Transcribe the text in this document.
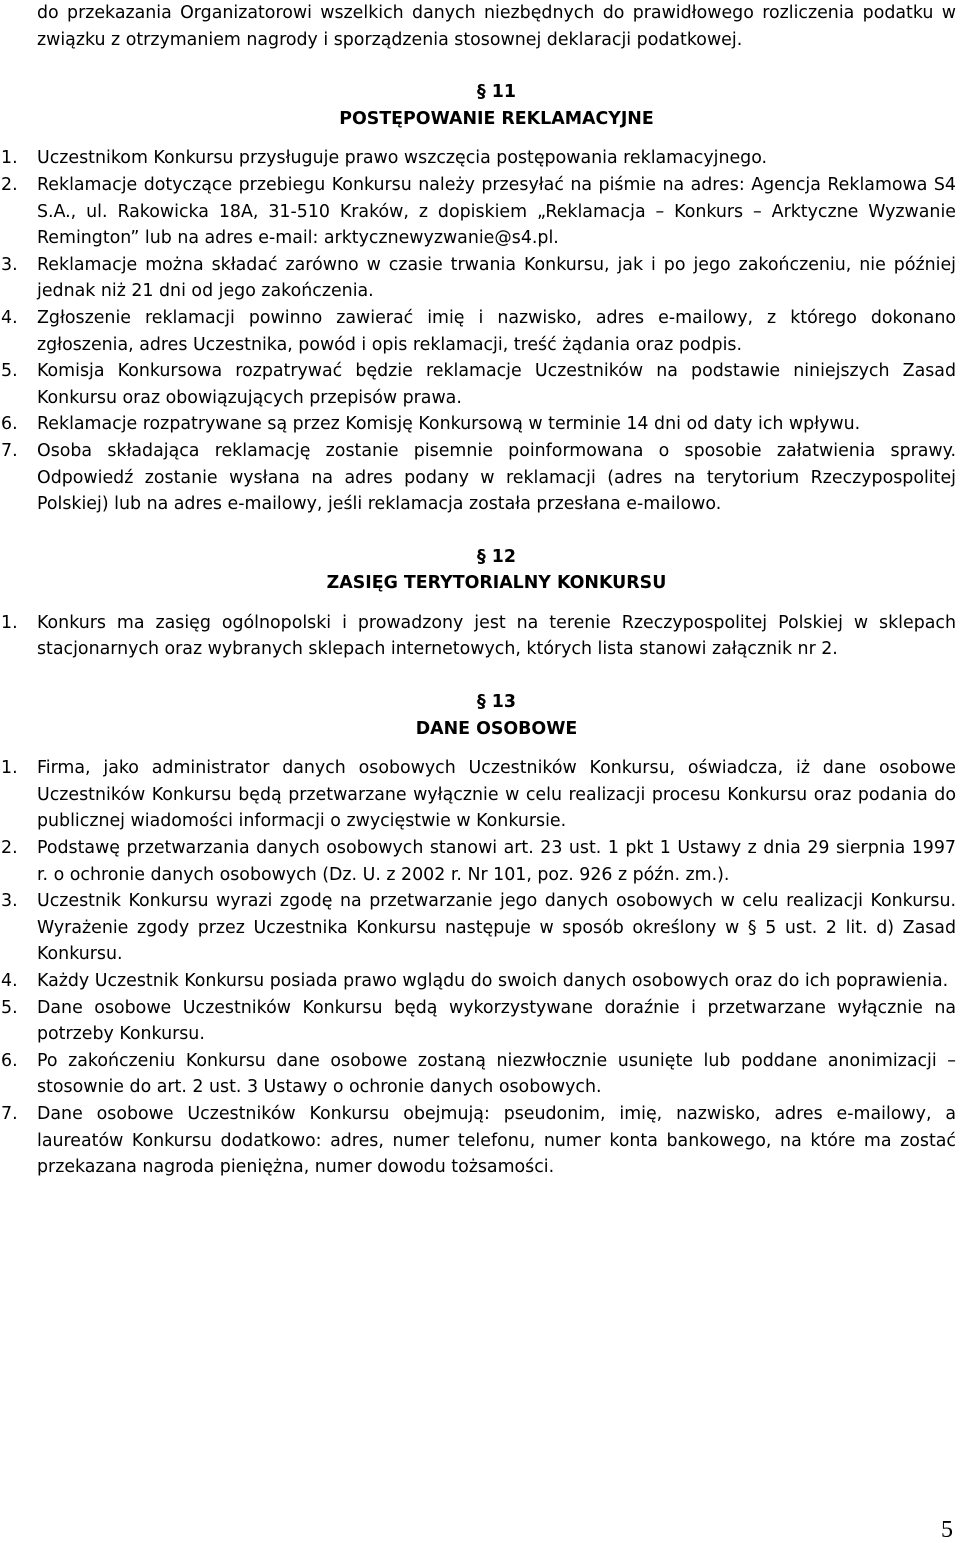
do przekazania Organizatorowi wszelkich danych niezbędnych do prawidłowego rozliczenia podatku w związku z otrzymaniem nagrody i sporządzenia stosownej deklaracji podatkowej.

§ 11
POSTĘPOWANIE REKLAMACYJNE
1.	Uczestnikom Konkursu przysługuje prawo wszczęcia postępowania reklamacyjnego.
2.	Reklamacje dotyczące przebiegu Konkursu należy przesyłać na piśmie na adres: Agencja Reklamowa S4 S.A., ul. Rakowicka 18A, 31-510 Kraków, z dopiskiem „Reklamacja – Konkurs – Arktyczne Wyzwanie Remington” lub na adres e-mail: arktycznewyzwanie@s4.pl.
3.	Reklamacje można składać zarówno w czasie trwania Konkursu, jak i po jego zakończeniu, nie później jednak niż 21 dni od jego zakończenia.
4.	Zgłoszenie reklamacji powinno zawierać imię i nazwisko, adres e-mailowy, z którego dokonano zgłoszenia, adres Uczestnika, powód i opis reklamacji, treść żądania oraz podpis.
5.	Komisja Konkursowa rozpatrywać będzie reklamacje Uczestników na podstawie niniejszych Zasad Konkursu oraz obowiązujących przepisów prawa.
6.	Reklamacje rozpatrywane są przez Komisję Konkursową w terminie 14 dni od daty ich wpływu.
7.	Osoba składająca reklamację zostanie pisemnie poinformowana o sposobie załatwienia sprawy. Odpowiedź zostanie wysłana na adres podany w reklamacji (adres na terytorium Rzeczypospolitej Polskiej) lub na adres e-mailowy, jeśli reklamacja została przesłana e-mailowo.
§ 12
ZASIĘG TERYTORIALNY KONKURSU
1.	Konkurs ma zasięg ogólnopolski i prowadzony jest na terenie Rzeczypospolitej Polskiej w sklepach stacjonarnych oraz wybranych sklepach internetowych, których lista stanowi załącznik nr 2.
§ 13
DANE OSOBOWE
1.	Firma, jako administrator danych osobowych Uczestników Konkursu, oświadcza, iż dane osobowe Uczestników Konkursu będą przetwarzane wyłącznie w celu realizacji procesu Konkursu oraz podania do publicznej wiadomości informacji o zwycięstwie w Konkursie.
2.	Podstawę przetwarzania danych osobowych stanowi art. 23 ust. 1 pkt 1 Ustawy z dnia 29 sierpnia 1997 r. o ochronie danych osobowych (Dz. U. z 2002 r. Nr 101, poz. 926 z późn. zm.).
3.	Uczestnik Konkursu wyrazi zgodę na przetwarzanie jego danych osobowych w celu realizacji Konkursu. Wyrażenie zgody przez Uczestnika Konkursu następuje w sposób określony w § 5 ust. 2 lit. d) Zasad Konkursu.
4.	Każdy Uczestnik Konkursu posiada prawo wglądu do swoich danych osobowych oraz do ich poprawienia.
5.	Dane osobowe Uczestników Konkursu będą wykorzystywane doraźnie i przetwarzane wyłącznie na potrzeby Konkursu.
6.	Po zakończeniu Konkursu dane osobowe zostaną niezwłocznie usunięte lub poddane anonimizacji – stosownie do art. 2 ust. 3 Ustawy o ochronie danych osobowych.
7.	Dane osobowe Uczestników Konkursu obejmują: pseudonim, imię, nazwisko, adres e-mailowy, a laureatów Konkursu dodatkowo: adres, numer telefonu, numer konta bankowego, na które ma zostać przekazana nagroda pieniężna, numer dowodu tożsamości.
5
